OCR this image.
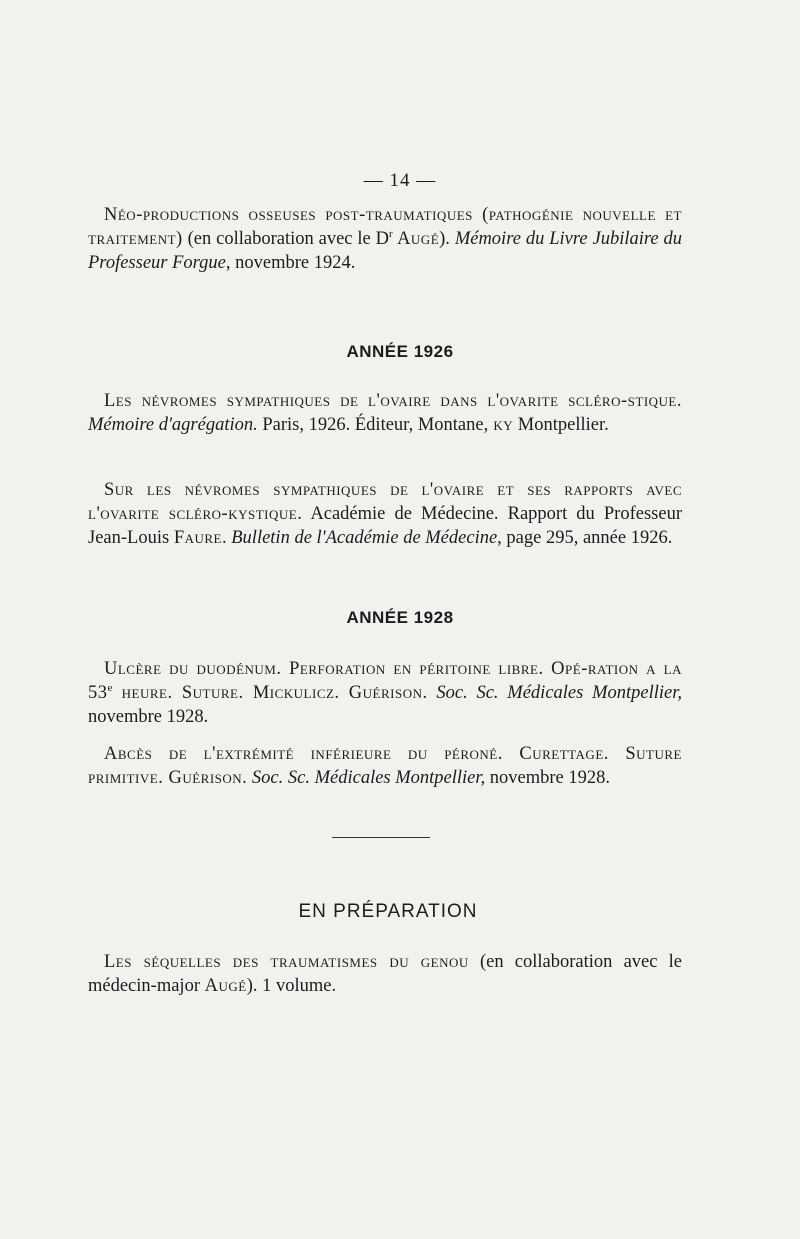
— 14 —

Néo-productions osseuses post-traumatiques (pathogénie nouvelle et traitement) (en collaboration avec le $D^r$ Augé). Mémoire du Livre Jubilaire du Professeur Forgue, novembre 1924.

ANNÉE 1926

Les névromes sympathiques de l'ovaire dans l'ovarite scléro-stique. Mémoire d'agrégation. Paris, 1926. Éditeur, Montane, ky Montpellier.

Sur les névromes sympathiques de l'ovaire et ses rapports avec l'ovarite scléro-kystique. Académie de Médecine. Rapport du Professeur Jean-Louis Faure. Bulletin de l'Académie de Médecine, page 295, année 1926.

ANNÉE 1928

Ulcère du duodénum. Perforation en péritoine libre. Opé-ration a la 53e heure. Suture. Mickulicz. Guérison. Soc. Sc. Médicales Montpellier, novembre 1928.

Abcès de l'extrémité inférieure du péroné. Curettage. Suture primitive. Guérison. Soc. Sc. Médicales Montpellier, novembre 1928.

EN PRÉPARATION

Les séquelles des traumatismes du genou (en collaboration avec le médecin-major Augé). 1 volume.
